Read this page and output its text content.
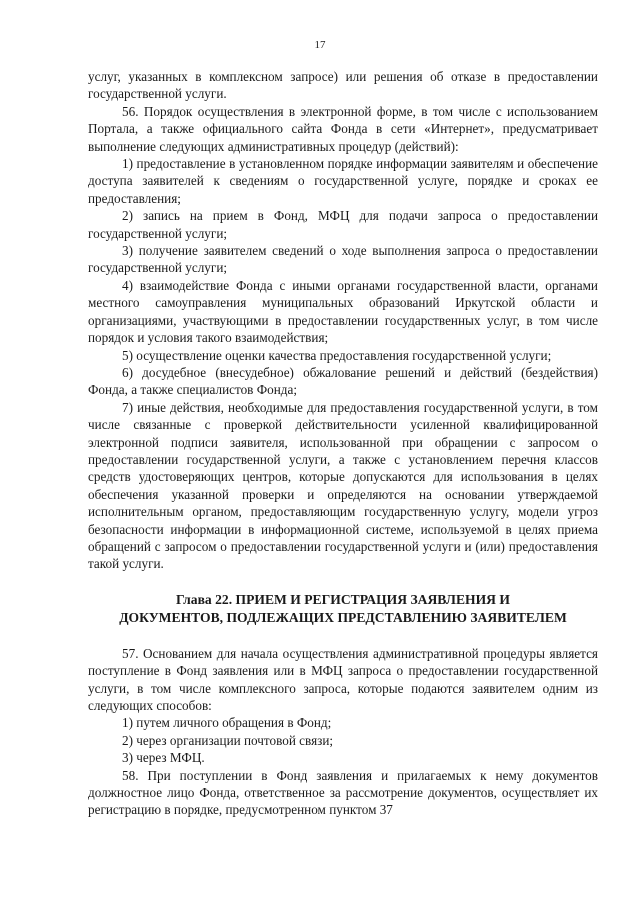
17

услуг, указанных в комплексном запросе) или решения об отказе в предоставлении государственной услуги.

56. Порядок осуществления в электронной форме, в том числе с использованием Портала, а также официального сайта Фонда в сети «Интернет», предусматривает выполнение следующих административных процедур (действий):

1) предоставление в установленном порядке информации заявителям и обеспечение доступа заявителей к сведениям о государственной услуге, порядке и сроках ее предоставления;

2) запись на прием в Фонд, МФЦ для подачи запроса о предоставлении государственной услуги;

3) получение заявителем сведений о ходе выполнения запроса о предоставлении государственной услуги;

4) взаимодействие Фонда с иными органами государственной власти, органами местного самоуправления муниципальных образований Иркутской области и организациями, участвующими в предоставлении государственных услуг, в том числе порядок и условия такого взаимодействия;

5) осуществление оценки качества предоставления государственной услуги;

6) досудебное (внесудебное) обжалование решений и действий (бездействия) Фонда, а также специалистов Фонда;

7) иные действия, необходимые для предоставления государственной услуги, в том числе связанные с проверкой действительности усиленной квалифицированной электронной подписи заявителя, использованной при обращении с запросом о предоставлении государственной услуги, а также с установлением перечня классов средств удостоверяющих центров, которые допускаются для использования в целях обеспечения указанной проверки и определяются на основании утверждаемой исполнительным органом, предоставляющим государственную услугу, модели угроз безопасности информации в информационной системе, используемой в целях приема обращений с запросом о предоставлении государственной услуги и (или) предоставления такой услуги.

Глава 22. ПРИЕМ И РЕГИСТРАЦИЯ ЗАЯВЛЕНИЯ И
ДОКУМЕНТОВ, ПОДЛЕЖАЩИХ ПРЕДСТАВЛЕНИЮ ЗАЯВИТЕЛЕМ

57. Основанием для начала осуществления административной процедуры является поступление в Фонд заявления или в МФЦ запроса о предоставлении государственной услуги, в том числе комплексного запроса, которые подаются заявителем одним из следующих способов:

1) путем личного обращения в Фонд;

2) через организации почтовой связи;

3) через МФЦ.

58. При поступлении в Фонд заявления и прилагаемых к нему документов должностное лицо Фонда, ответственное за рассмотрение документов, осуществляет их регистрацию в порядке, предусмотренном пунктом 37
